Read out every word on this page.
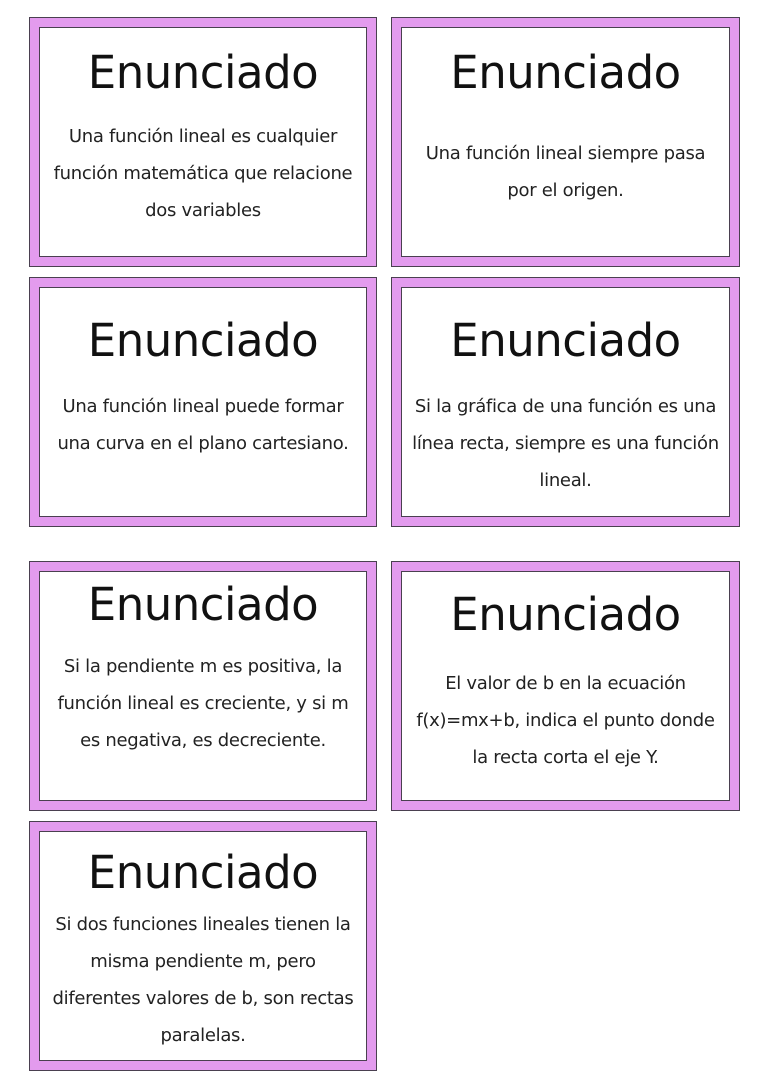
Enunciado
Una función lineal es cualquier función matemática que relacione dos variables
Enunciado
Una función lineal siempre pasa por el origen.
Enunciado
Una función lineal puede formar una curva en el plano cartesiano.
Enunciado
Si la gráfica de una función es una línea recta, siempre es una función lineal.
Enunciado
Si la pendiente m es positiva, la función lineal es creciente, y si m es negativa, es decreciente.
Enunciado
El valor de b en la ecuación f(x)=mx+b, indica el punto donde la recta corta el eje Y.
Enunciado
Si dos funciones lineales tienen la misma pendiente m, pero diferentes valores de b, son rectas paralelas.
